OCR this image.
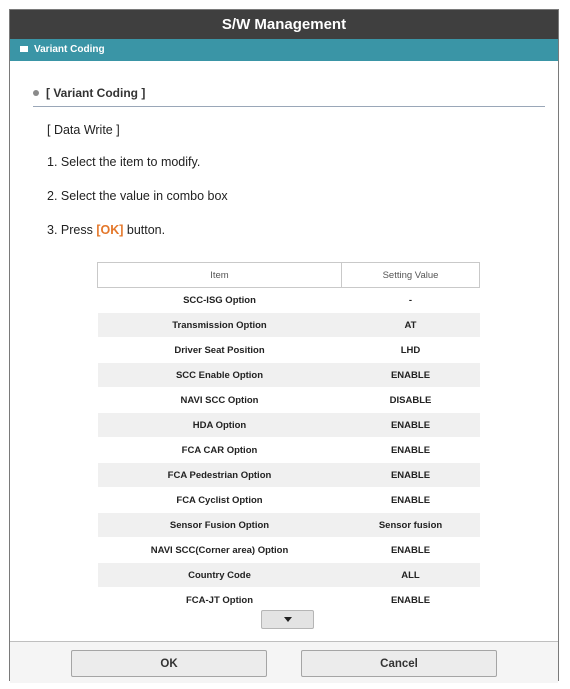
S/W Management
Variant Coding
[ Variant Coding ]
[ Data Write ]
1. Select the item to modify.
2. Select the value in combo box
3. Press [OK] button.
Item	Setting Value
SCC-ISG Option	-
Transmission Option	AT
Driver Seat Position	LHD
SCC Enable Option	ENABLE
NAVI SCC Option	DISABLE
HDA Option	ENABLE
FCA CAR Option	ENABLE
FCA Pedestrian Option	ENABLE
FCA Cyclist Option	ENABLE
Sensor Fusion Option	Sensor fusion
NAVI SCC(Corner area) Option	ENABLE
Country Code	ALL
FCA-JT Option	ENABLE
OK	Cancel
